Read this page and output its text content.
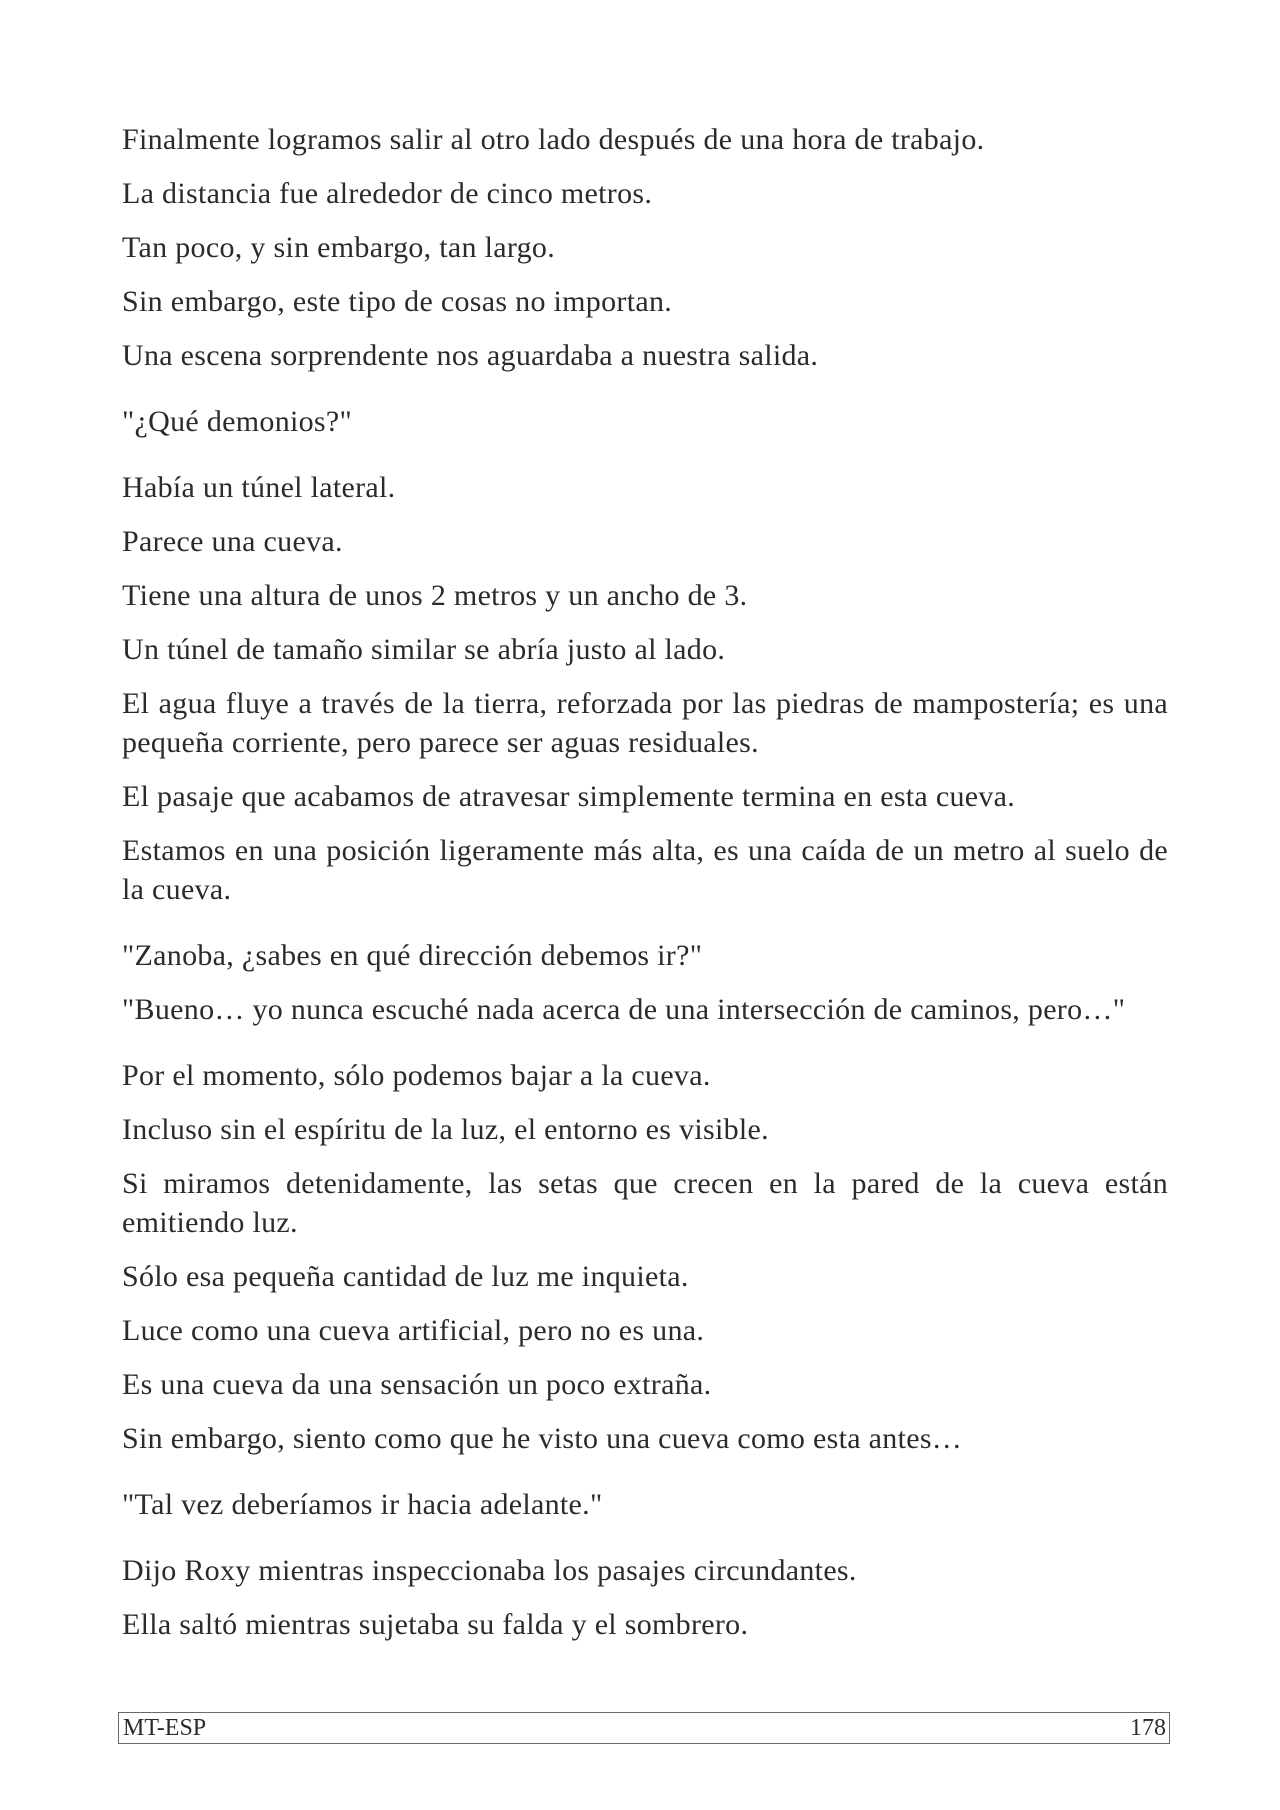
Finalmente logramos salir al otro lado después de una hora de trabajo.

La distancia fue alrededor de cinco metros.

Tan poco, y sin embargo, tan largo.

Sin embargo, este tipo de cosas no importan.

Una escena sorprendente nos aguardaba a nuestra salida.

"¿Qué demonios?"

Había un túnel lateral.

Parece una cueva.

Tiene una altura de unos 2 metros y un ancho de 3.

Un túnel de tamaño similar se abría justo al lado.

El agua fluye a través de la tierra, reforzada por las piedras de mampostería; es una pequeña corriente, pero parece ser aguas residuales.

El pasaje que acabamos de atravesar simplemente termina en esta cueva.

Estamos en una posición ligeramente más alta, es una caída de un metro al suelo de la cueva.

"Zanoba, ¿sabes en qué dirección debemos ir?"

"Bueno… yo nunca escuché nada acerca de una intersección de caminos, pero…"

Por el momento, sólo podemos bajar a la cueva.

Incluso sin el espíritu de la luz, el entorno es visible.

Si miramos detenidamente, las setas que crecen en la pared de la cueva están emitiendo luz.

Sólo esa pequeña cantidad de luz me inquieta.

Luce como una cueva artificial, pero no es una.

Es una cueva da una sensación un poco extraña.

Sin embargo, siento como que he visto una cueva como esta antes…

"Tal vez deberíamos ir hacia adelante."

Dijo Roxy mientras inspeccionaba los pasajes circundantes.

Ella saltó mientras sujetaba su falda y el sombrero.

MT-ESP	178
